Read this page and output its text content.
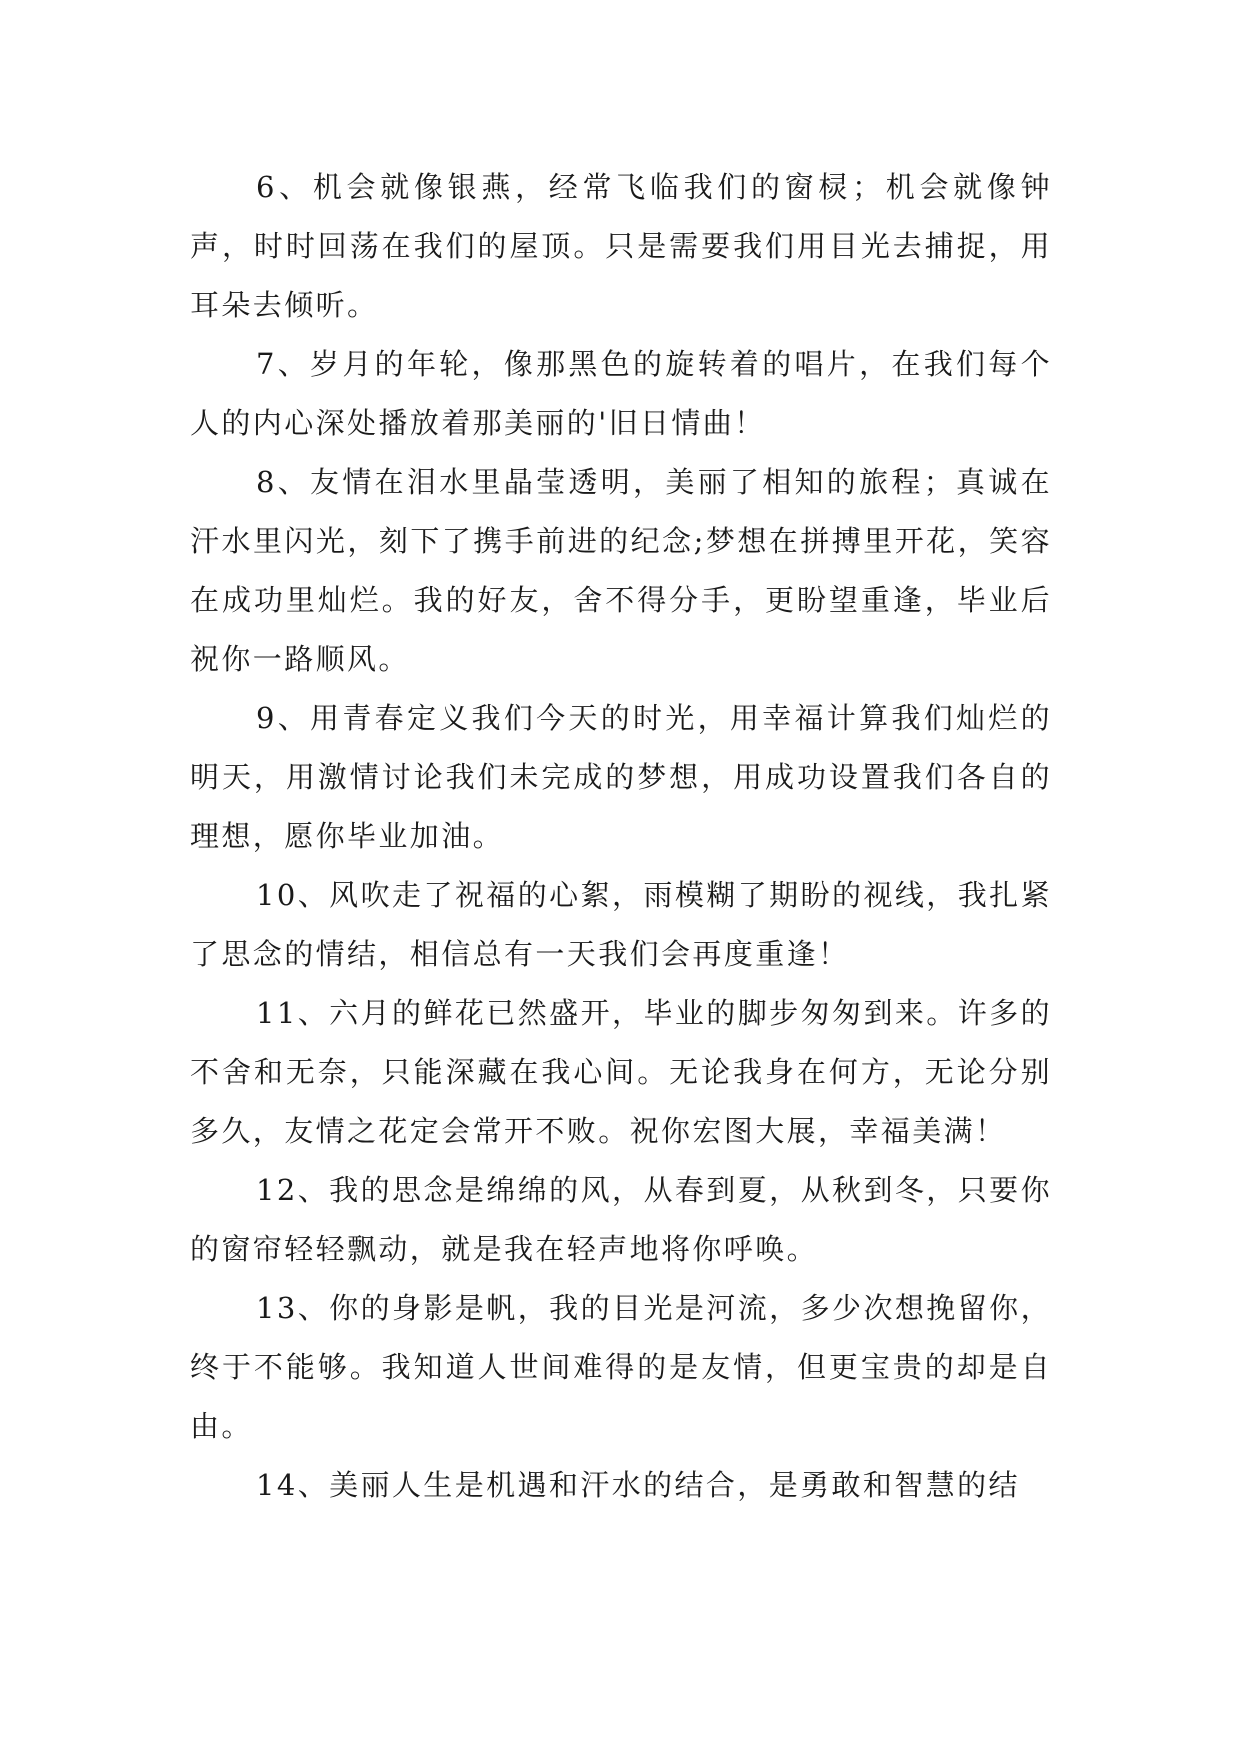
6、机会就像银燕，经常飞临我们的窗棂；机会就像钟声，时时回荡在我们的屋顶。只是需要我们用目光去捕捉，用耳朵去倾听。

7、岁月的年轮，像那黑色的旋转着的唱片，在我们每个人的内心深处播放着那美丽的'旧日情曲！

8、友情在泪水里晶莹透明，美丽了相知的旅程；真诚在汗水里闪光，刻下了携手前进的纪念;梦想在拼搏里开花，笑容在成功里灿烂。我的好友，舍不得分手，更盼望重逢，毕业后祝你一路顺风。

9、用青春定义我们今天的时光，用幸福计算我们灿烂的明天，用激情讨论我们未完成的梦想，用成功设置我们各自的理想，愿你毕业加油。

10、风吹走了祝福的心絮，雨模糊了期盼的视线，我扎紧了思念的情结，相信总有一天我们会再度重逢！

11、六月的鲜花已然盛开，毕业的脚步匆匆到来。许多的不舍和无奈，只能深藏在我心间。无论我身在何方，无论分别多久，友情之花定会常开不败。祝你宏图大展，幸福美满！

12、我的思念是绵绵的风，从春到夏，从秋到冬，只要你的窗帘轻轻飘动，就是我在轻声地将你呼唤。

13、你的身影是帆，我的目光是河流，多少次想挽留你，终于不能够。我知道人世间难得的是友情，但更宝贵的却是自由。

14、美丽人生是机遇和汗水的结合，是勇敢和智慧的结
